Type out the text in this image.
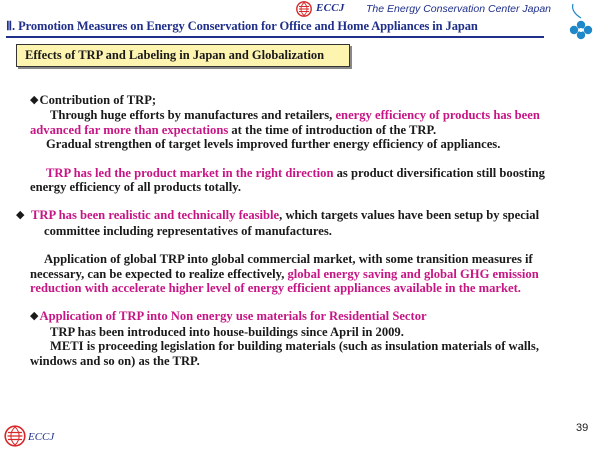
ECCJ The Energy Conservation Center Japan
Ⅱ. Promotion Measures on Energy Conservation for Office and Home Appliances in Japan
Effects of TRP and Labeling in Japan and Globalization

◆Contribution of TRP;

Through huge efforts by manufactures and retailers, energy efficiency of products has been advanced far more than expectations at the time of introduction of the TRP.

Gradual strengthen of target levels improved further energy efficiency of appliances.

TRP has led the product market in the right direction as product diversification still boosting energy efficiency of all products totally.

◆ TRP has been realistic and technically feasible, which targets values have been setup by special committee including representatives of manufactures.

Application of global TRP into global commercial market, with some transition measures if necessary, can be expected to realize effectively, global energy saving and global GHG emission reduction with accelerate higher level of energy efficient appliances available in the market.

◆Application of TRP into Non energy use materials for Residential Sector

TRP has been introduced into house-buildings since April in 2009.

METI is proceeding legislation for building materials (such as insulation materials of walls, windows and so on) as the TRP.

ECCJ
39
